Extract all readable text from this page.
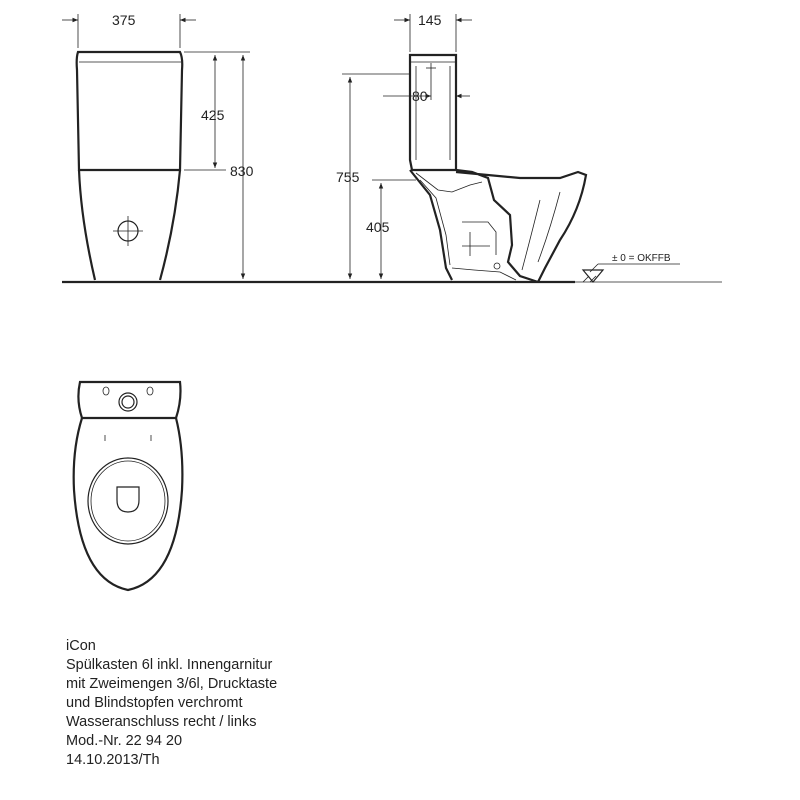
375
425
830
145
80
755
405
± 0 = OKFFB
iCon
Spülkasten 6l inkl. Innengarnitur
mit Zweimengen 3/6l, Drucktaste
und Blindstopfen verchromt
Wasseranschluss recht / links
Mod.-Nr. 22 94 20
14.10.2013/Th
